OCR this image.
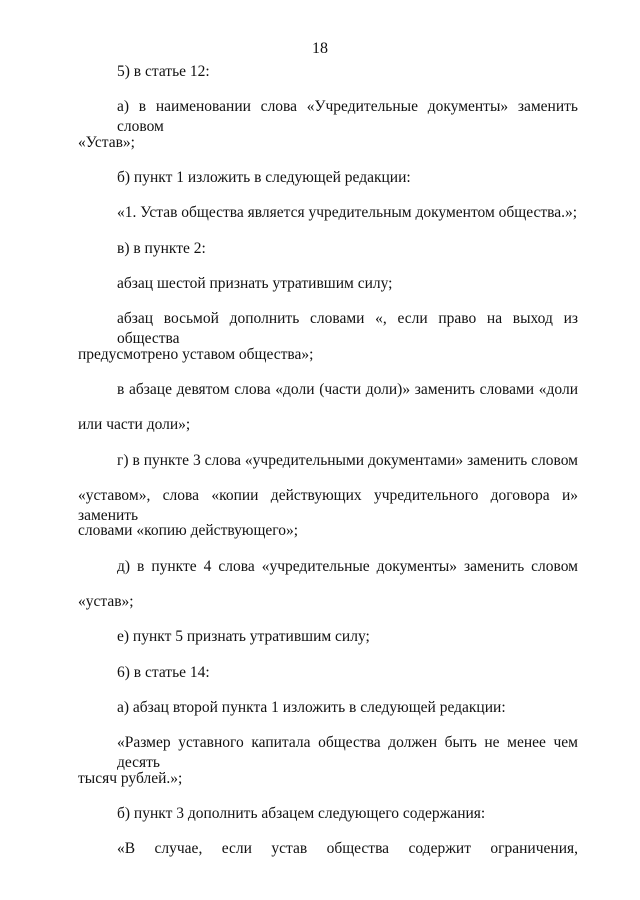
18
5) в статье 12:
а) в наименовании слова «Учредительные документы» заменить словом
«Устав»;
б) пункт 1 изложить в следующей редакции:
«1. Устав общества является учредительным документом общества.»;
в) в пункте 2:
абзац шестой признать утратившим силу;
абзац восьмой дополнить словами «, если право на выход из общества
предусмотрено уставом общества»;
в абзаце девятом слова «доли (части доли)» заменить словами «доли
или части доли»;
г) в пункте 3 слова «учредительными документами» заменить словом
«уставом», слова «копии действующих учредительного договора и» заменить
словами «копию действующего»;
д) в пункте 4 слова «учредительные документы» заменить словом
«устав»;
е) пункт 5 признать утратившим силу;
6) в статье 14:
а) абзац второй пункта 1 изложить в следующей редакции:
«Размер уставного капитала общества должен быть не менее чем десять
тысяч рублей.»;
б) пункт 3 дополнить абзацем следующего содержания:
«В случае, если устав общества содержит ограничения,
